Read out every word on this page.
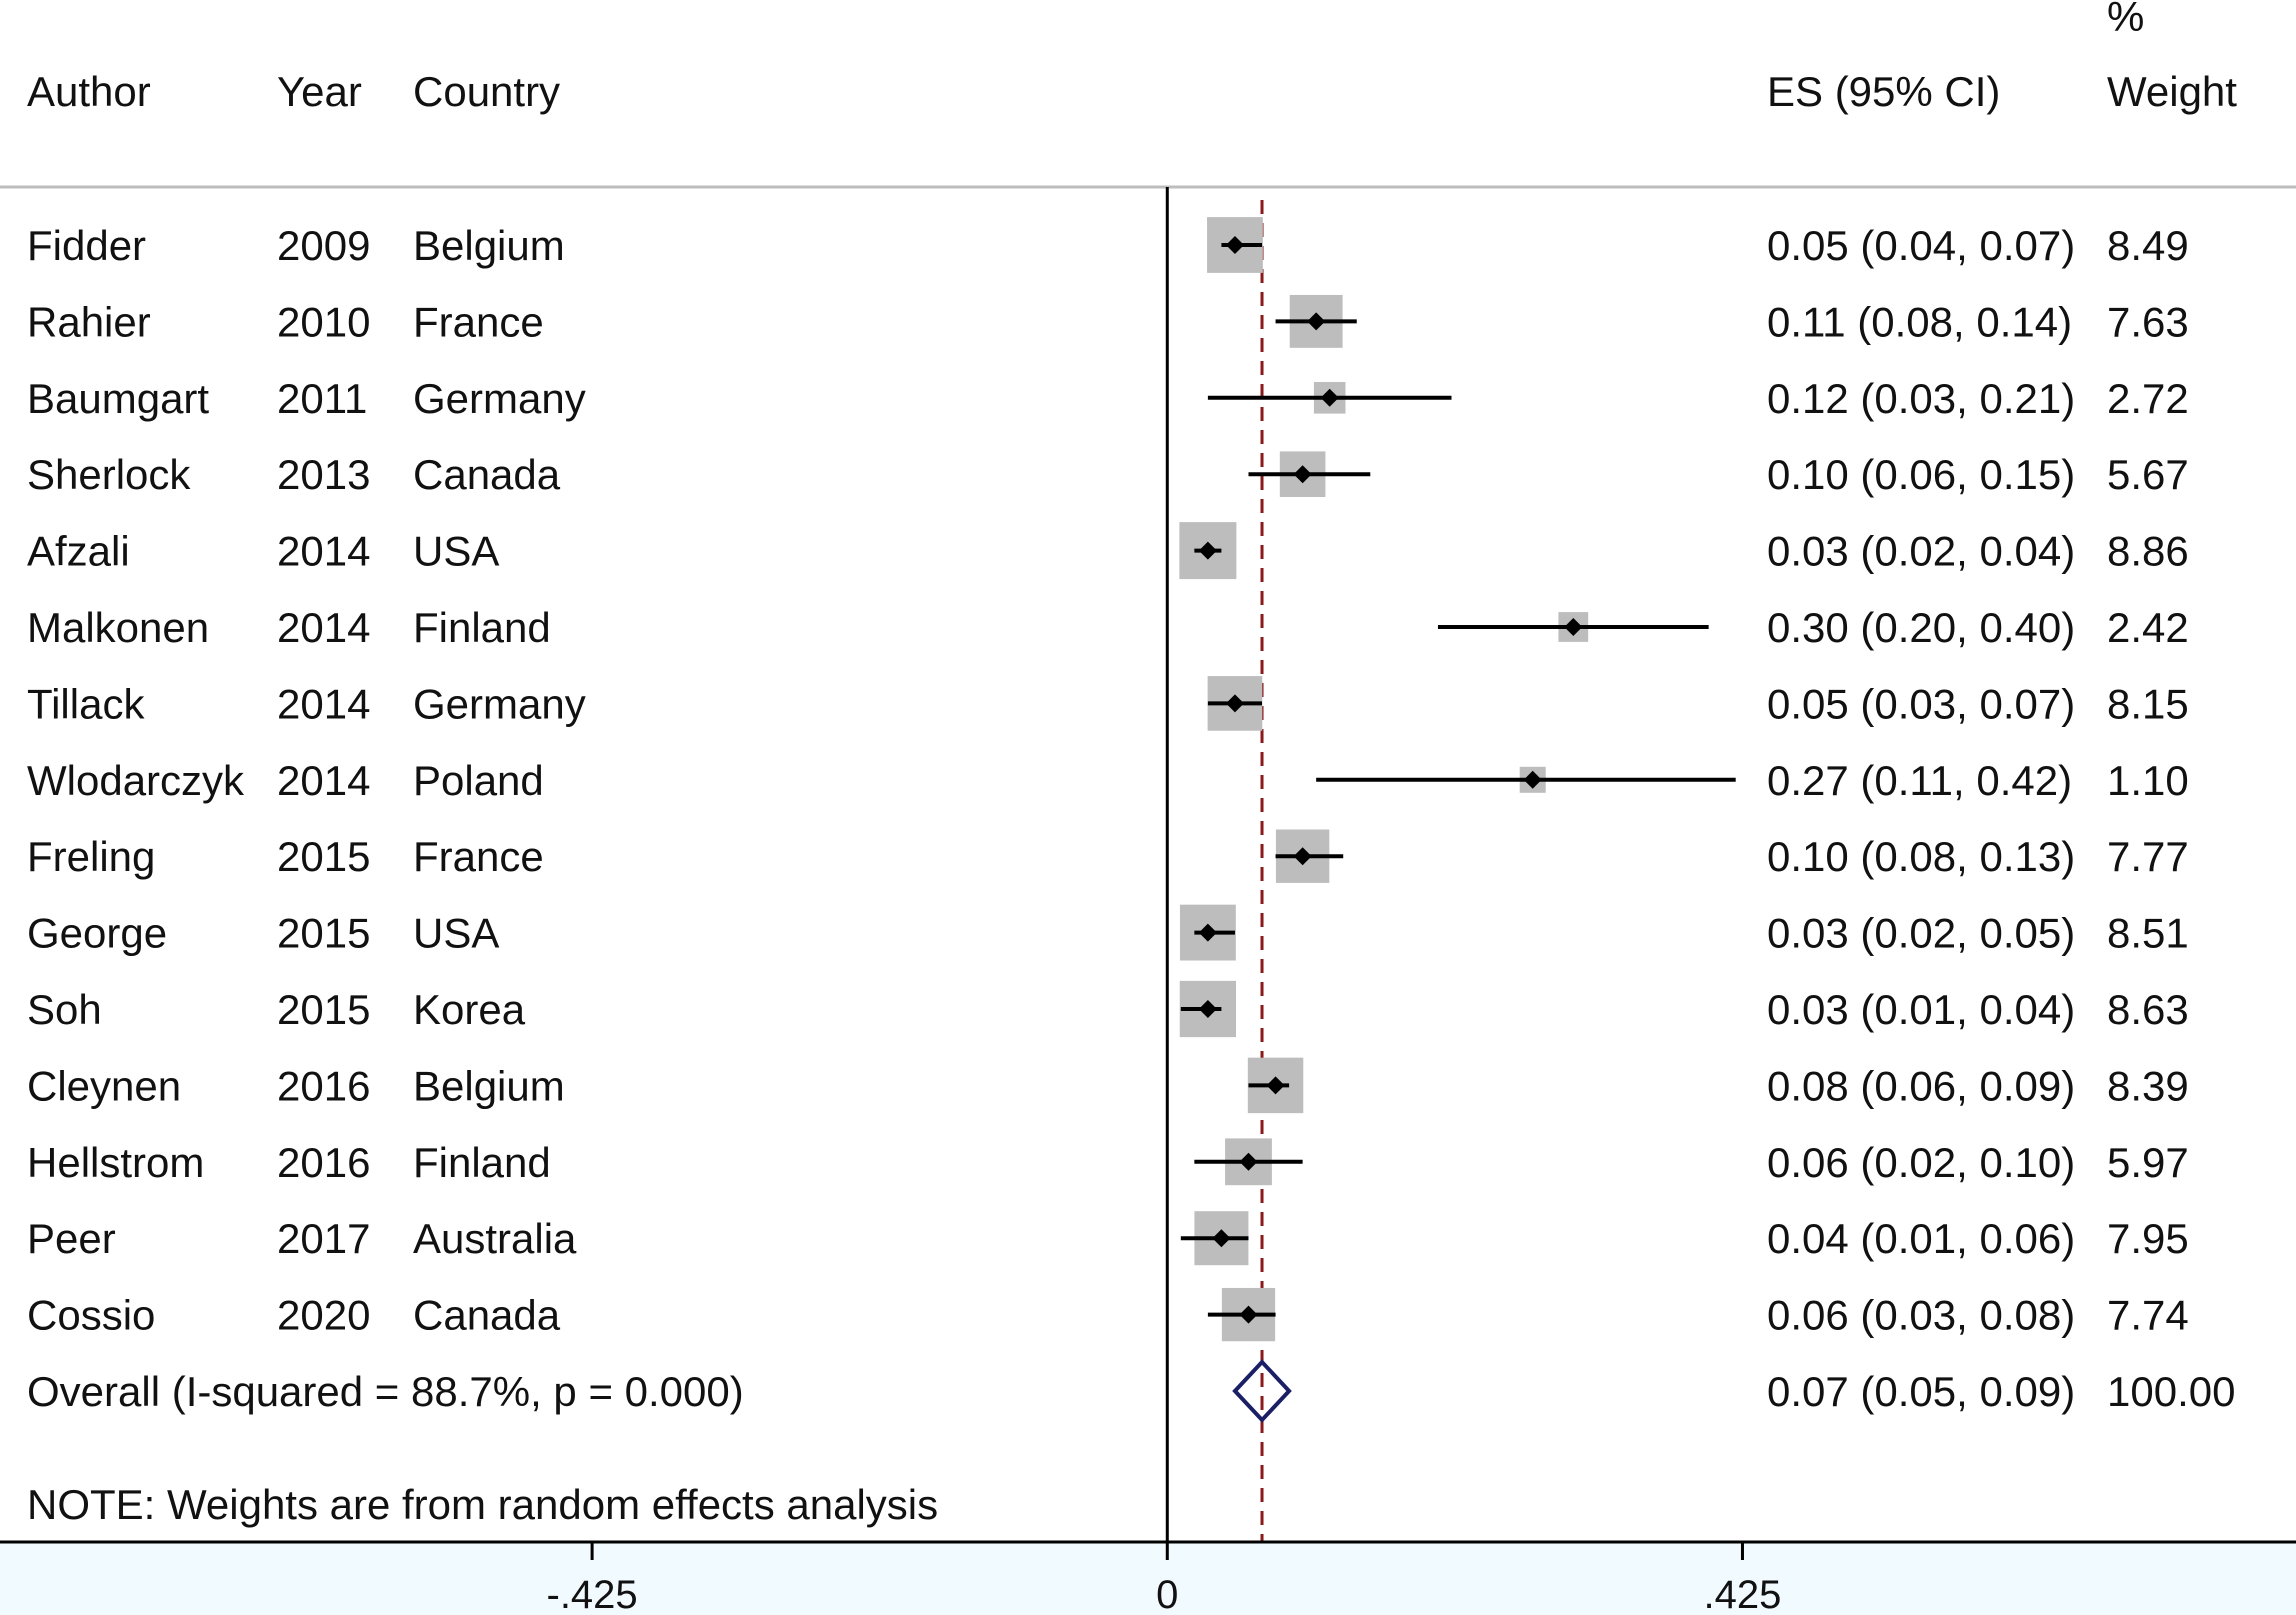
Author	Year Country	ES (95% CI)
%
Weight
Fidder	2009 Belgium	0.05 (0.04, 0.07) 8.49
Rahier	2010 France	0.11 (0.08, 0.14) 7.63
Baumgart 2011 Germany	0.12 (0.03, 0.21) 2.72
Sherlock 2013 Canada	0.10 (0.06, 0.15) 5.67
Afzali	2014 USA	0.03 (0.02, 0.04) 8.86
Malkonen 2014 Finland	0.30 (0.20, 0.40) 2.42
Tillack	2014 Germany	0.05 (0.03, 0.07) 8.15
Wlodarczyk 2014 Poland	0.27 (0.11, 0.42) 1.10
Freling	2015 France	0.10 (0.08, 0.13) 7.77
George	2015 USA	0.03 (0.02, 0.05) 8.51
Soh	2015 Korea	0.03 (0.01, 0.04) 8.63
Cleynen 2016 Belgium	0.08 (0.06, 0.09) 8.39
Hellstrom 2016 Finland	0.06 (0.02, 0.10) 5.97
Peer	2017 Australia	0.04 (0.01, 0.06) 7.95
Cossio	2020 Canada	0.06 (0.03, 0.08) 7.74
Overall (I-squared = 88.7%, p = 0.000)	0.07 (0.05, 0.09) 100.00
NOTE: Weights are from random effects analysis
-.425	0	.425
